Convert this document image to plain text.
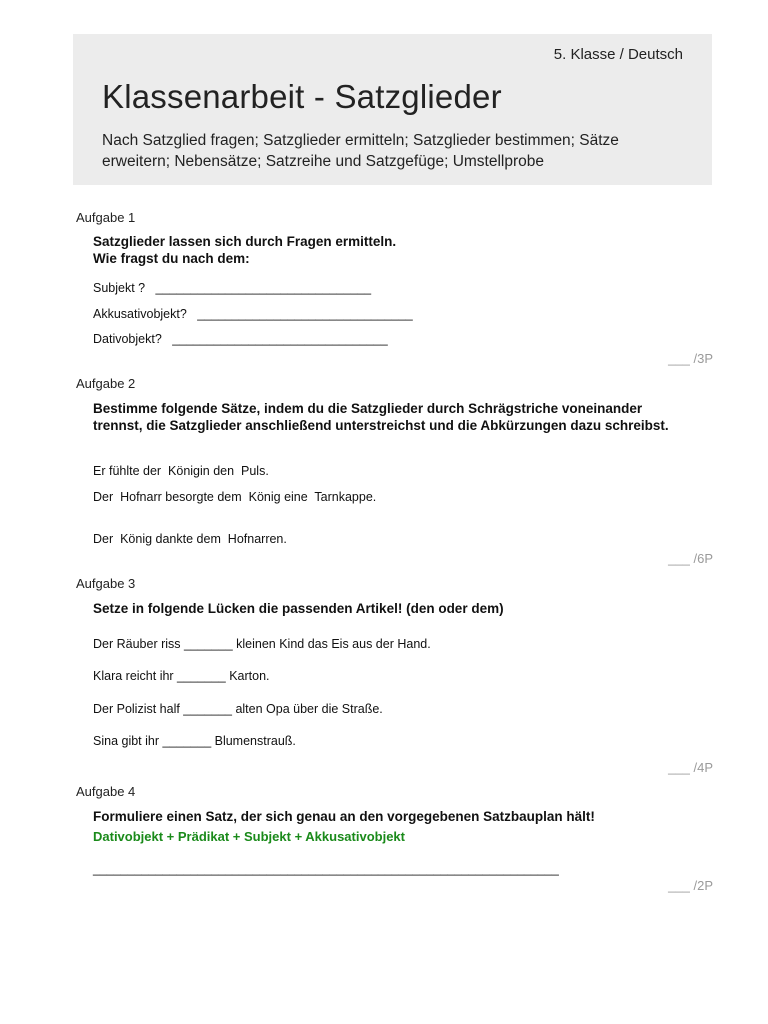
5. Klasse / Deutsch
Klassenarbeit - Satzglieder
Nach Satzglied fragen; Satzglieder ermitteln; Satzglieder bestimmen; Sätze erweitern; Nebensätze; Satzreihe und Satzgefüge; Umstellprobe
Aufgabe 1
Satzglieder lassen sich durch Fragen ermitteln.
Wie fragst du nach dem:
Subjekt ?   _______________________________
Akkusativobjekt?   _______________________________
Dativobjekt?   _______________________________
___ /3P
Aufgabe 2
Bestimme folgende Sätze, indem du die Satzglieder durch Schrägstriche voneinander trennst, die Satzglieder anschließend unterstreichst und die Abkürzungen dazu schreibst.
Er fühlte der  Königin den  Puls.
Der  Hofnarr besorgte dem  König eine  Tarnkappe.
Der  König dankte dem  Hofnarren.
___ /6P
Aufgabe 3
Setze in folgende Lücken die passenden Artikel! (den oder dem)
Der Räuber riss _______ kleinen Kind das Eis aus der Hand.
Klara reicht ihr _______ Karton.
Der Polizist half _______ alten Opa über die Straße.
Sina gibt ihr _______ Blumenstrauß.
___ /4P
Aufgabe 4
Formuliere einen Satz, der sich genau an den vorgegebenen Satzbauplan hält!
Dativobjekt + Prädikat + Subjekt + Akkusativobjekt
___________________________________________________________________
___ /2P
